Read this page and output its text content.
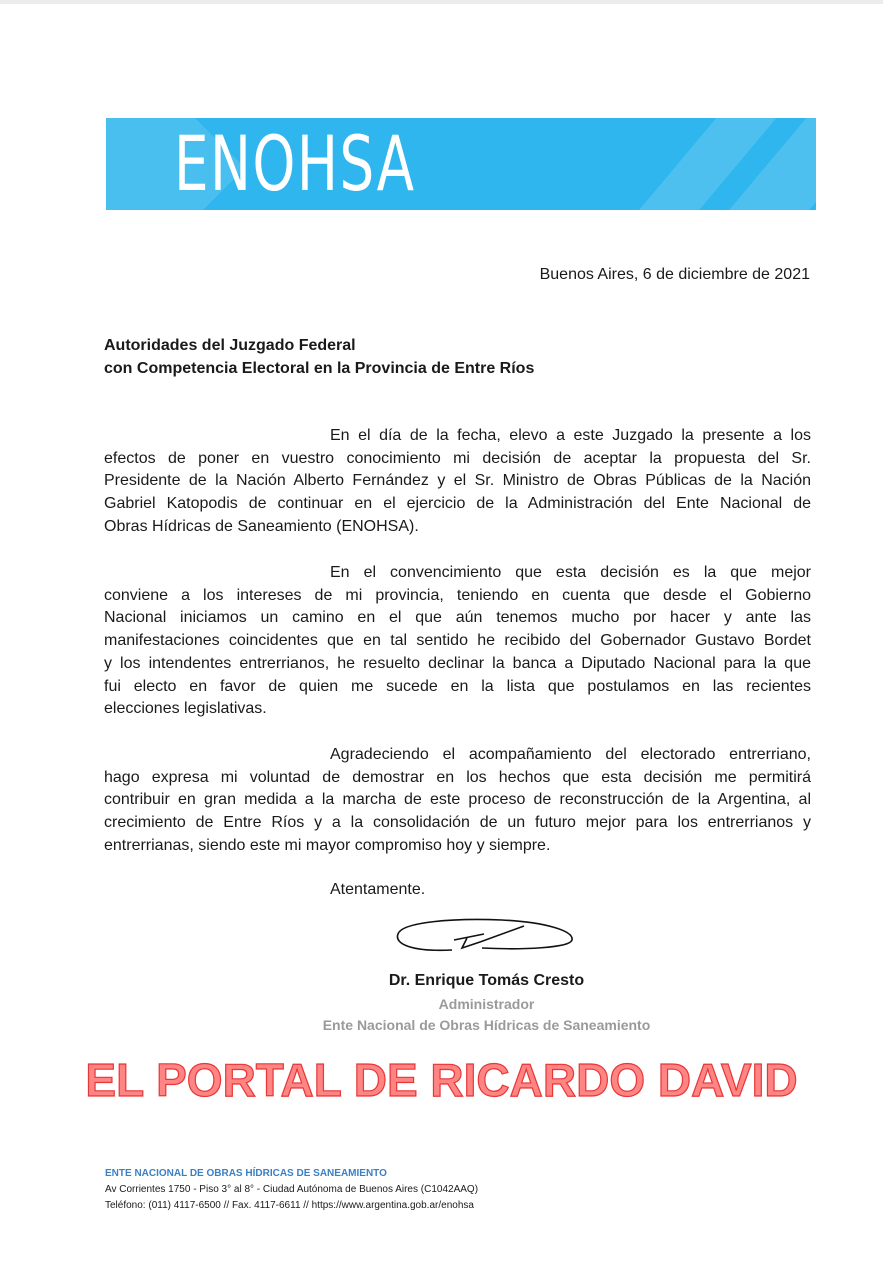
ENOHSA
Buenos Aires, 6 de diciembre de 2021
Autoridades del Juzgado Federal
con Competencia Electoral en la Provincia de Entre Ríos
En el día de la fecha, elevo a este Juzgado la presente a los
efectos de poner en vuestro conocimiento mi decisión de aceptar la propuesta del Sr.
Presidente de la Nación Alberto Fernández y el Sr. Ministro de Obras Públicas de la Nación
Gabriel Katopodis de continuar en el ejercicio de la Administración del Ente Nacional de
Obras Hídricas de Saneamiento (ENOHSA).
En el convencimiento que esta decisión es la que mejor
conviene a los intereses de mi provincia, teniendo en cuenta que desde el Gobierno
Nacional iniciamos un camino en el que aún tenemos mucho por hacer y ante las
manifestaciones coincidentes que en tal sentido he recibido del Gobernador Gustavo Bordet
y los intendentes entrerrianos, he resuelto declinar la banca a Diputado Nacional para la que
fui electo en favor de quien me sucede en la lista que postulamos en las recientes
elecciones legislativas.
Agradeciendo el acompañamiento del electorado entrerriano,
hago expresa mi voluntad de demostrar en los hechos que esta decisión me permitirá
contribuir en gran medida a la marcha de este proceso de reconstrucción de la Argentina, al
crecimiento de Entre Ríos y a la consolidación de un futuro mejor para los entrerrianos y
entrerrianas, siendo este mi mayor compromiso hoy y siempre.
Atentamente.
Dr. Enrique Tomás Cresto
Administrador
Ente Nacional de Obras Hídricas de Saneamiento
EL PORTAL DE RICARDO DAVID
ENTE NACIONAL DE OBRAS HÍDRICAS DE SANEAMIENTO
Av Corrientes 1750 - Piso 3° al 8° - Ciudad Autónoma de Buenos Aires (C1042AAQ)
Teléfono: (011) 4117-6500 // Fax. 4117-6611 // https://www.argentina.gob.ar/enohsa
